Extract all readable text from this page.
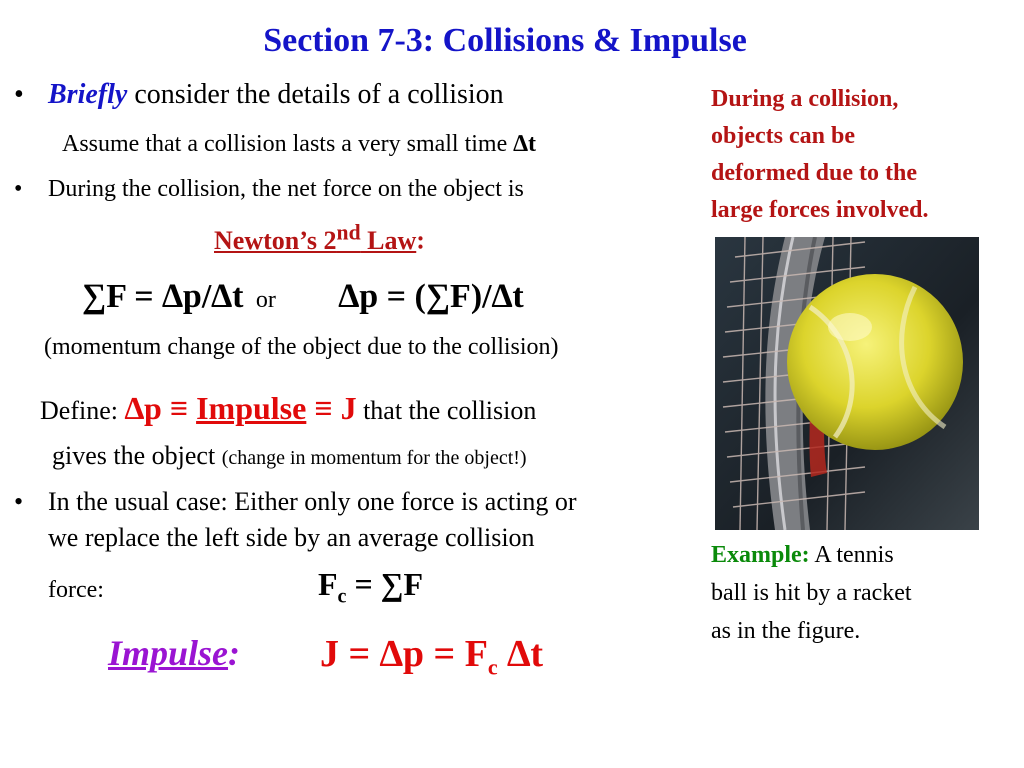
Section 7-3: Collisions & Impulse
• Briefly consider the details of a collision
Assume that a collision lasts a very small time ∆t
• During the collision, the net force on the object is
Newton’s 2nd Law:
∑F = ∆p/∆t or ∆p = (∑F)/∆t
(momentum change of the object due to the collision)
Define: ∆p ≡ Impulse ≡ J that the collision
gives the object (change in momentum for the object!)
• In the usual case: Either only one force is acting or
we replace the left side by an average collision
force:	$F_c = \sum F$
Impulse: $J = \Delta p = F_c$ ∆t
During a collision,
objects can be
deformed due to the
large forces involved.
Example: A tennis
ball is hit by a racket
as in the figure.
